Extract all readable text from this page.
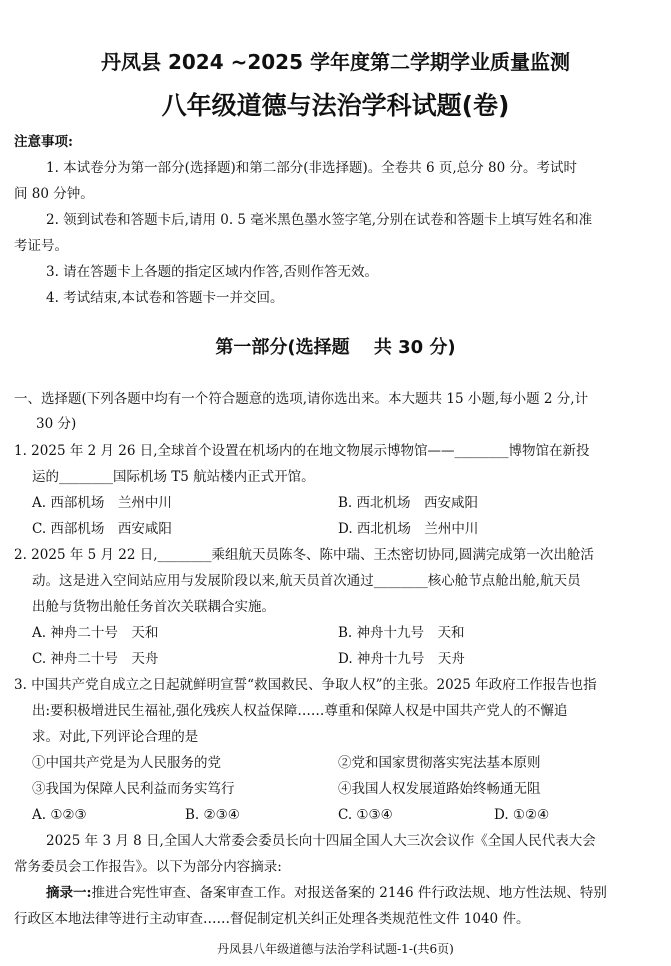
丹凤县 2024 ~2025 学年度第二学期学业质量监测
八年级道德与法治学科试题(卷)
注意事项:
1. 本试卷分为第一部分(选择题)和第二部分(非选择题)。全卷共 6 页,总分 80 分。考试时
间 80 分钟。
2. 领到试卷和答题卡后,请用 0. 5 毫米黑色墨水签字笔,分别在试卷和答题卡上填写姓名和准
考证号。
3. 请在答题卡上各题的指定区域内作答,否则作答无效。
4. 考试结束,本试卷和答题卡一并交回。
第一部分(选择题　 共 30 分)
一、选择题(下列各题中均有一个符合题意的选项,请你选出来。本大题共 15 小题,每小题 2 分,计
30 分)
1. 2025 年 2 月 26 日,全球首个设置在机场内的在地文物展示博物馆——________博物馆在新投
运的________国际机场 T5 航站楼内正式开馆。
A. 西部机场　兰州中川	B. 西北机场　西安咸阳
C. 西部机场　西安咸阳	D. 西北机场　兰州中川
2. 2025 年 5 月 22 日,________乘组航天员陈冬、陈中瑞、王杰密切协同,圆满完成第一次出舱活
动。这是进入空间站应用与发展阶段以来,航天员首次通过________核心舱节点舱出舱,航天员
出舱与货物出舱任务首次关联耦合实施。
A. 神舟二十号　天和	B. 神舟十九号　天和
C. 神舟二十号　天舟	D. 神舟十九号　天舟
3. 中国共产党自成立之日起就鲜明宣誓“救国救民、争取人权”的主张。2025 年政府工作报告也指
出:要积极增进民生福祉,强化残疾人权益保障……尊重和保障人权是中国共产党人的不懈追
求。对此,下列评论合理的是
①中国共产党是为人民服务的党	②党和国家贯彻落实宪法基本原则
③我国为保障人民利益而务实笃行	④我国人权发展道路始终畅通无阻
A. ①②③	B. ②③④	C. ①③④	D. ①②④
2025 年 3 月 8 日,全国人大常委会委员长向十四届全国人大三次会议作《全国人民代表大会
常务委员会工作报告》。以下为部分内容摘录:
摘录一:推进合宪性审查、备案审查工作。对报送备案的 2146 件行政法规、地方性法规、特别
行政区本地法律等进行主动审查……督促制定机关纠正处理各类规范性文件 1040 件。
丹凤县八年级道德与法治学科试题-1-(共6页)
